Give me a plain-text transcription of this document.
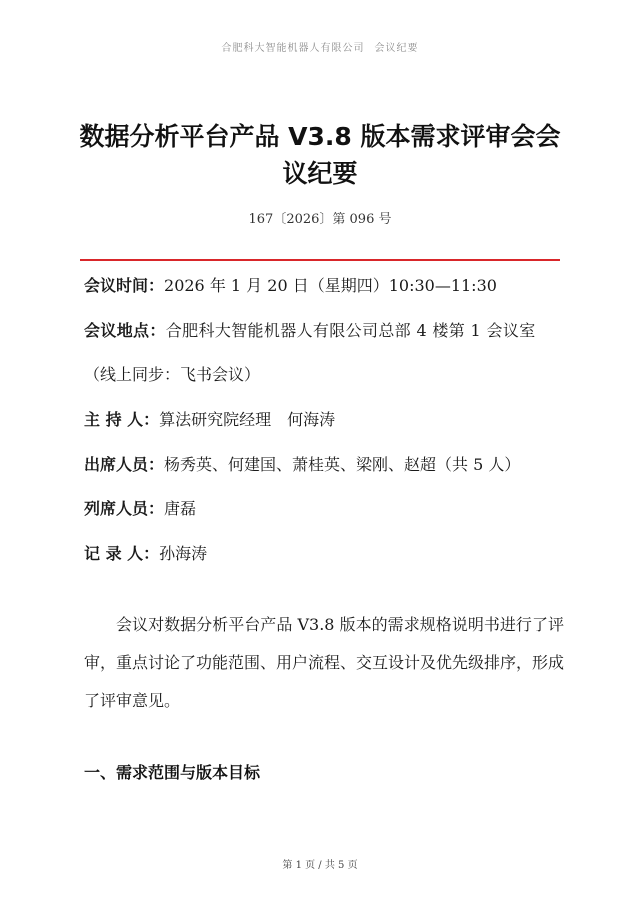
合肥科大智能机器人有限公司 会议纪要
数据分析平台产品 V3.8 版本需求评审会会议纪要
167〔2026〕第 096 号
会议时间：2026 年 1 月 20 日（星期四）10:30—11:30
会议地点：合肥科大智能机器人有限公司总部 4 楼第 1 会议室
（线上同步：飞书会议）
主 持 人：算法研究院经理　何海涛
出席人员：杨秀英、何建国、萧桂英、梁刚、赵超（共 5 人）
列席人员：唐磊
记 录 人：孙海涛
会议对数据分析平台产品 V3.8 版本的需求规格说明书进行了评审，重点讨论了功能范围、用户流程、交互设计及优先级排序，形成了评审意见。
一、需求范围与版本目标
第 1 页 / 共 5 页
